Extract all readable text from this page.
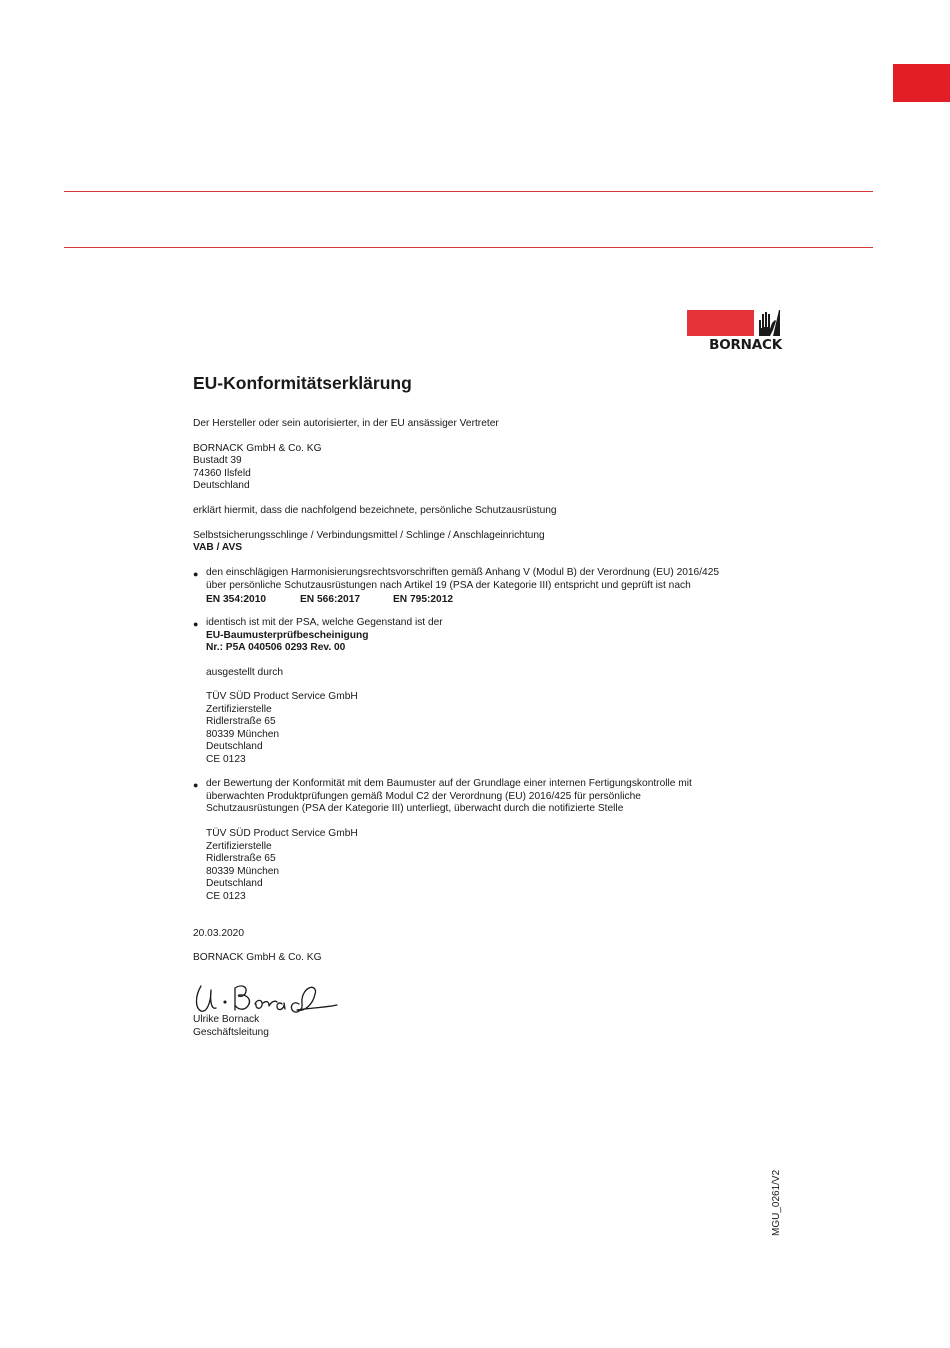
BORNACK
EU-Konformitätserklärung
Der Hersteller oder sein autorisierter, in der EU ansässiger Vertreter
BORNACK GmbH & Co. KG
Bustadt 39
74360 Ilsfeld
Deutschland
erklärt hiermit, dass die nachfolgend bezeichnete, persönliche Schutzausrüstung
Selbstsicherungsschlinge / Verbindungsmittel / Schlinge / Anschlageinrichtung
VAB / AVS
● den einschlägigen Harmonisierungsrechtsvorschriften gemäß Anhang V (Modul B) der Verordnung (EU) 2016/425
über persönliche Schutzausrüstungen nach Artikel 19 (PSA der Kategorie III) entspricht und geprüft ist nach
EN 354:2010	EN 566:2017	EN 795:2012
● identisch ist mit der PSA, welche Gegenstand ist der
EU-Baumusterprüfbescheinigung
Nr.: P5A 040506 0293 Rev. 00
ausgestellt durch
TÜV SÜD Product Service GmbH
Zertifizierstelle
Ridlerstraße 65
80339 München
Deutschland
CE 0123
● der Bewertung der Konformität mit dem Baumuster auf der Grundlage einer internen Fertigungskontrolle mit
überwachten Produktprüfungen gemäß Modul C2 der Verordnung (EU) 2016/425 für persönliche
Schutzausrüstungen (PSA der Kategorie III) unterliegt, überwacht durch die notifizierte Stelle
TÜV SÜD Product Service GmbH
Zertifizierstelle
Ridlerstraße 65
80339 München
Deutschland
CE 0123
20.03.2020
BORNACK GmbH & Co. KG
Ulrike Bornack
Geschäftsleitung
MGU_0261/V2
